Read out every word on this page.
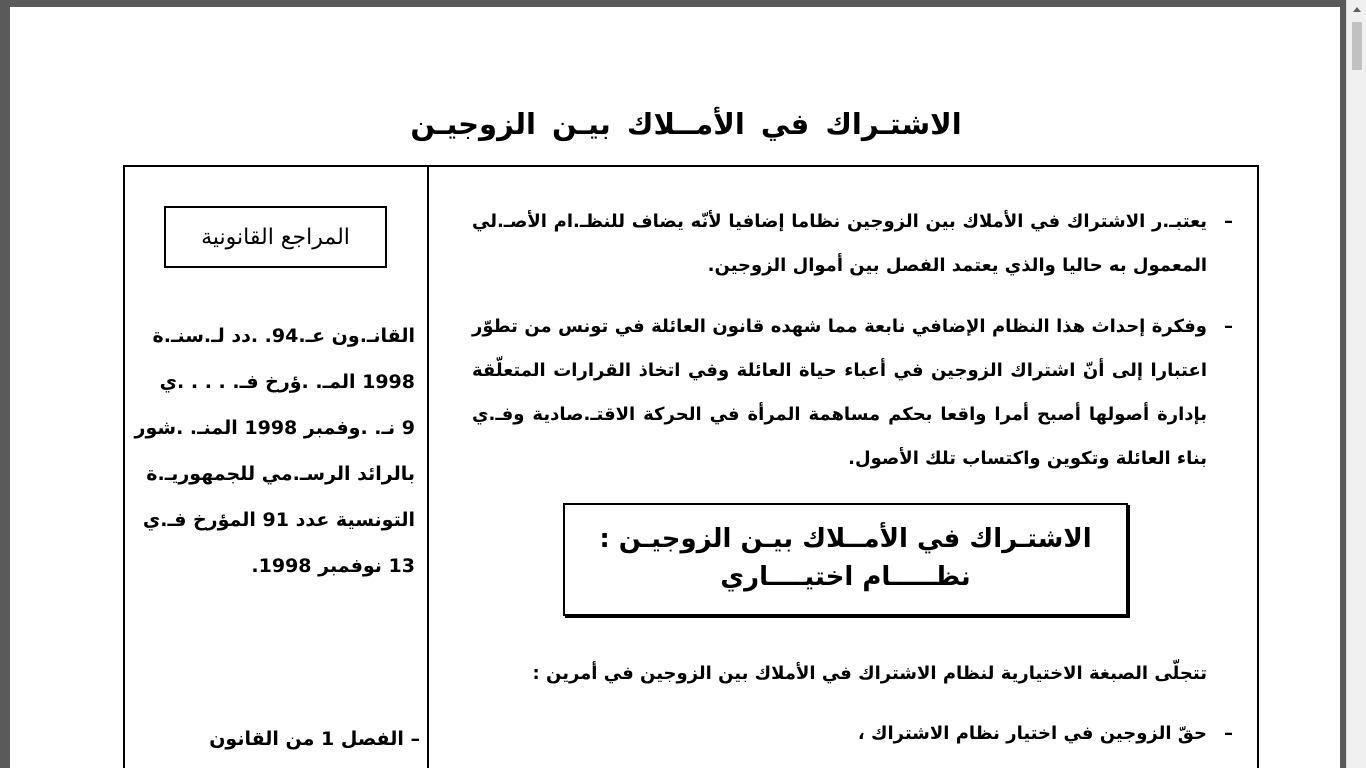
الاشتـراك في الأمــلاك بيـن الزوجيـن
المراجع القانونية
القانـ.ون عـ.94. .دد لـ.سنـ.ة
1998 المـ. .ؤرخ فـ. . . . .ي
9 نـ. .وفمبر 1998 المنـ. .شور
بالرائد الرسـ.مي للجمهوريـ.ة
التونسية عدد 91 المؤرخ فـ.ي
13 نوفمبر 1998.
– الفصل 1 من القانون
–
يعتبـ.ر الاشتراك في الأملاك بين الزوجين نظاما إضافيا لأنّه يضاف للنظـ.ام الأصـ.لي المعمول به حاليا والذي يعتمد الفصل بين أموال الزوجين.
–
وفكرة إحداث هذا النظام الإضافي نابعة مما شهده قانون العائلة في تونس من تطوّر اعتبارا إلى أنّ اشتراك الزوجين في أعباء حياة العائلة وفي اتخاذ القرارات المتعلّقة بإدارة أصولها أصبح أمرا واقعا بحكم مساهمة المرأة في الحركة الاقتـ.صادية وفـ.ي بناء العائلة وتكوين واكتساب تلك الأصول.
الاشتـراك في الأمــلاك بيـن الزوجيـن :
نظـــــام اختيــــاري
تتجلّى الصبغة الاختيارية لنظام الاشتراك في الأملاك بين الزوجين في أمرين :
–
حقّ الزوجين في اختيار نظام الاشتراك ،
